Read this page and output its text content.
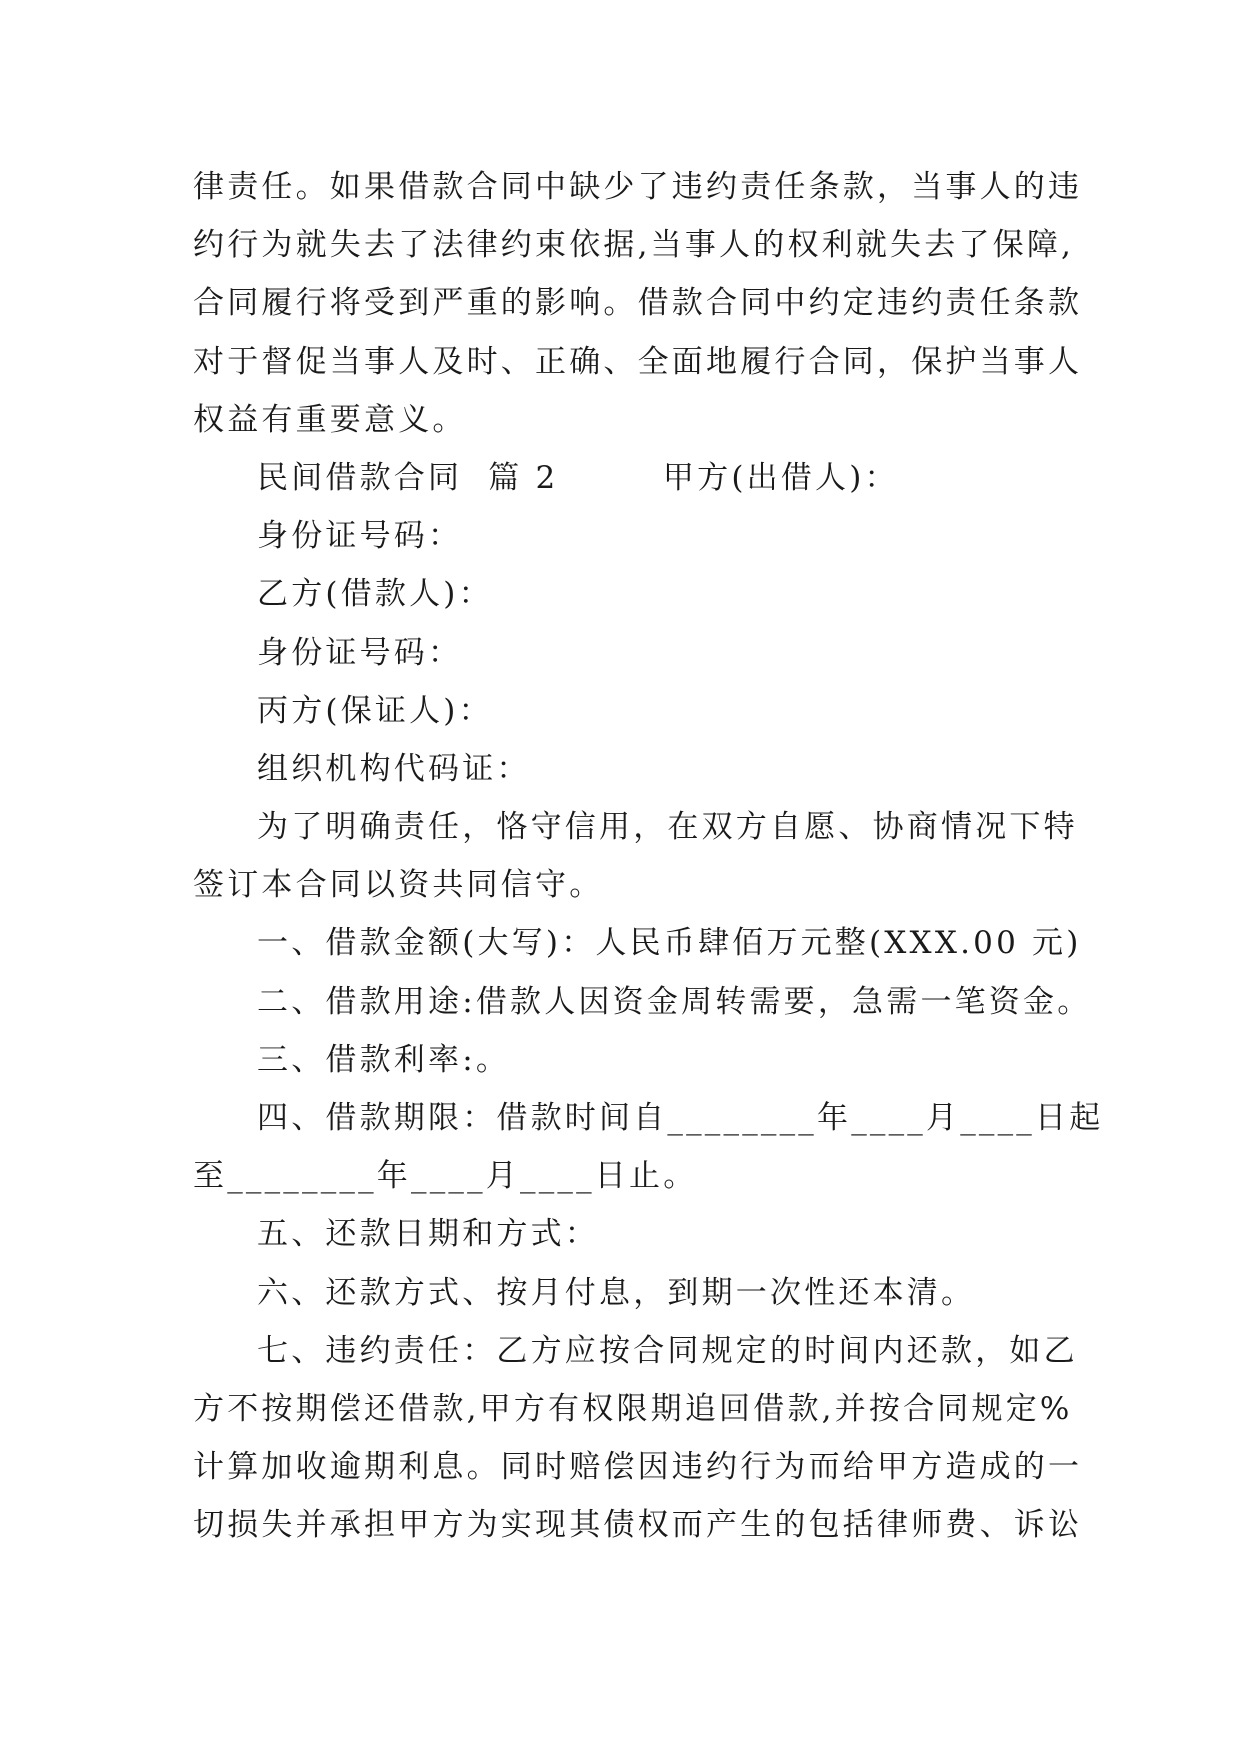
律责任。如果借款合同中缺少了违约责任条款，当事人的违
约行为就失去了法律约束依据,当事人的权利就失去了保障,
合同履行将受到严重的影响。借款合同中约定违约责任条款
对于督促当事人及时、正确、全面地履行合同，保护当事人
权益有重要意义。
民间借款合同  篇 2        甲方(出借人)：
身份证号码：
乙方(借款人)：
身份证号码：
丙方(保证人)：
组织机构代码证：
为了明确责任，恪守信用，在双方自愿、协商情况下特
签订本合同以资共同信守。
一、借款金额(大写)：人民币肆佰万元整(XXX.00 元)
二、借款用途:借款人因资金周转需要，急需一笔资金。
三、借款利率:。
四、借款期限：借款时间自________年____月____日起
至________年____月____日止。
五、还款日期和方式：
六、还款方式、按月付息，到期一次性还本清。
七、违约责任：乙方应按合同规定的时间内还款，如乙
方不按期偿还借款,甲方有权限期追回借款,并按合同规定%
计算加收逾期利息。同时赔偿因违约行为而给甲方造成的一
切损失并承担甲方为实现其债权而产生的包括律师费、诉讼
